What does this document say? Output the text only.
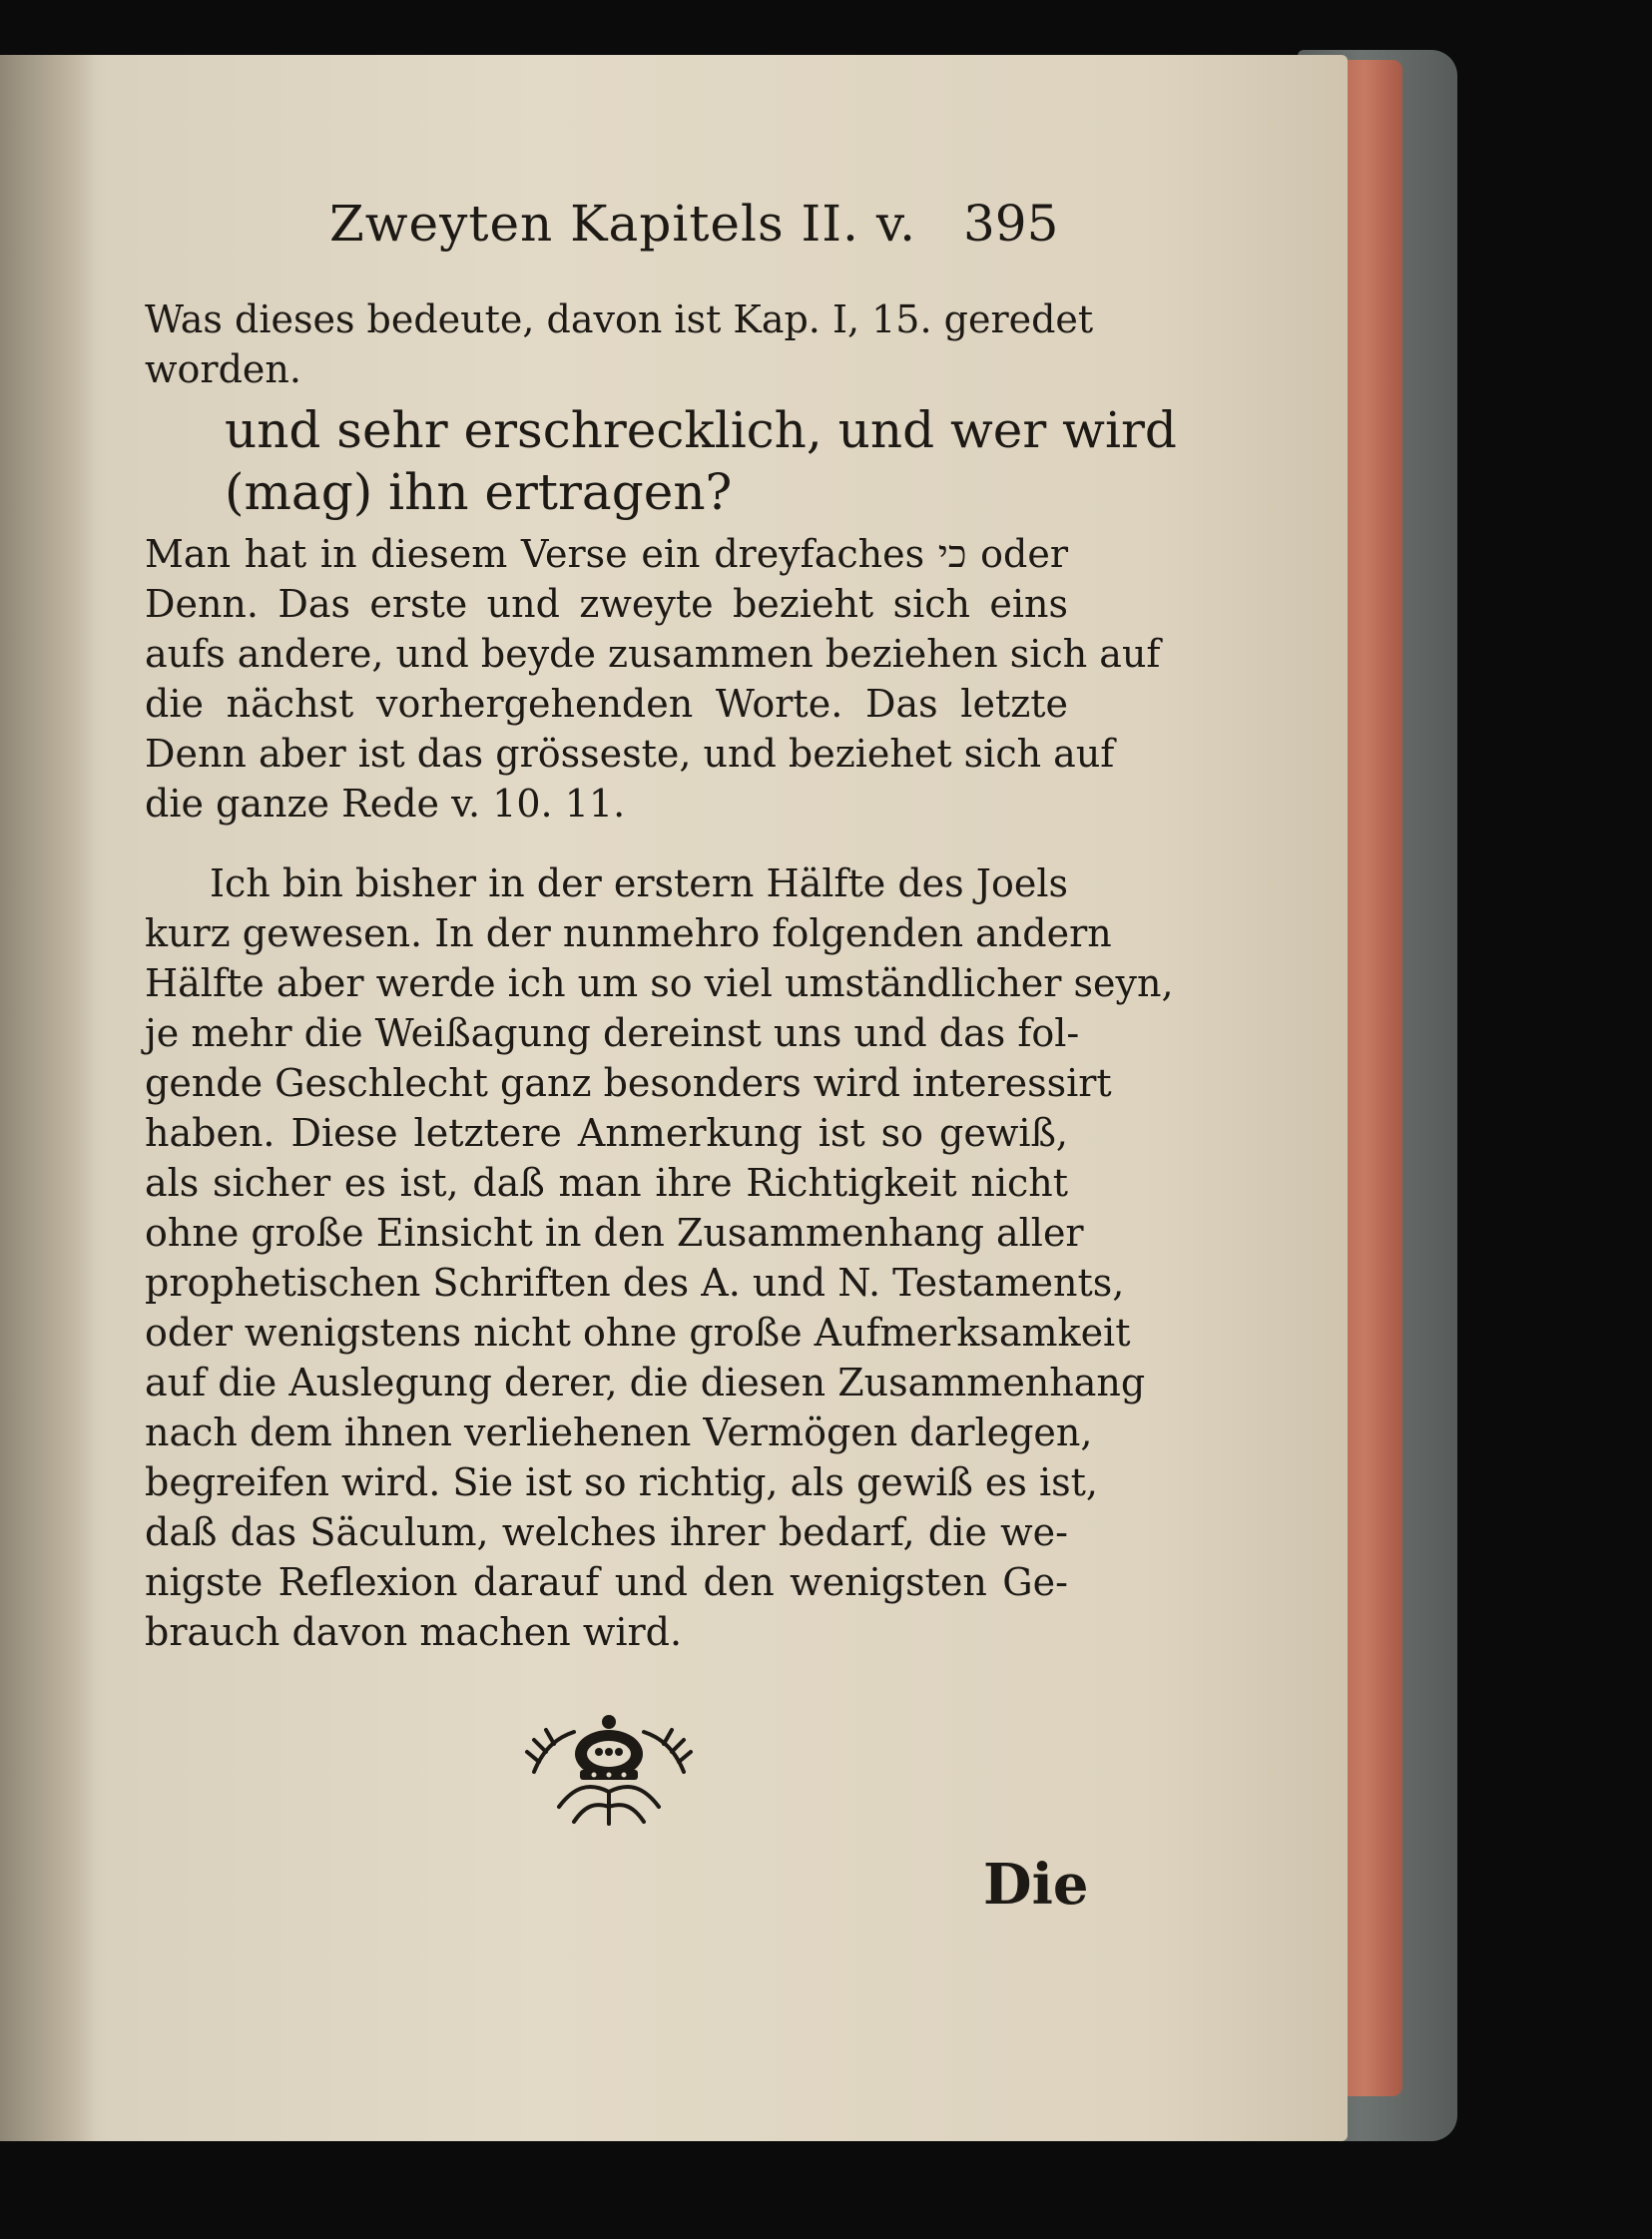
Zweyten Kapitels II. v. 395
Was dieses bedeute, davon ist Kap. I, 15. geredet
worden.
und sehr erschrecklich, und wer wird
(mag) ihn ertragen?
Man hat in diesem Verse ein dreyfaches כי oder
Denn. Das erste und zweyte bezieht sich eins
aufs andere, und beyde zusammen beziehen sich auf
die nächst vorhergehenden Worte. Das letzte
Denn aber ist das grösseste, und beziehet sich auf
die ganze Rede v. 10. 11.
Ich bin bisher in der erstern Hälfte des Joels
kurz gewesen. In der nunmehro folgenden andern
Hälfte aber werde ich um so viel umständlicher seyn,
je mehr die Weißagung dereinst uns und das fol-
gende Geschlecht ganz besonders wird interessirt
haben. Diese letztere Anmerkung ist so gewiß,
als sicher es ist, daß man ihre Richtigkeit nicht
ohne große Einsicht in den Zusammenhang aller
prophetischen Schriften des A. und N. Testaments,
oder wenigstens nicht ohne große Aufmerksamkeit
auf die Auslegung derer, die diesen Zusammenhang
nach dem ihnen verliehenen Vermögen darlegen,
begreifen wird. Sie ist so richtig, als gewiß es ist,
daß das Säculum, welches ihrer bedarf, die we-
nigste Reflexion darauf und den wenigsten Ge-
brauch davon machen wird.
Die
